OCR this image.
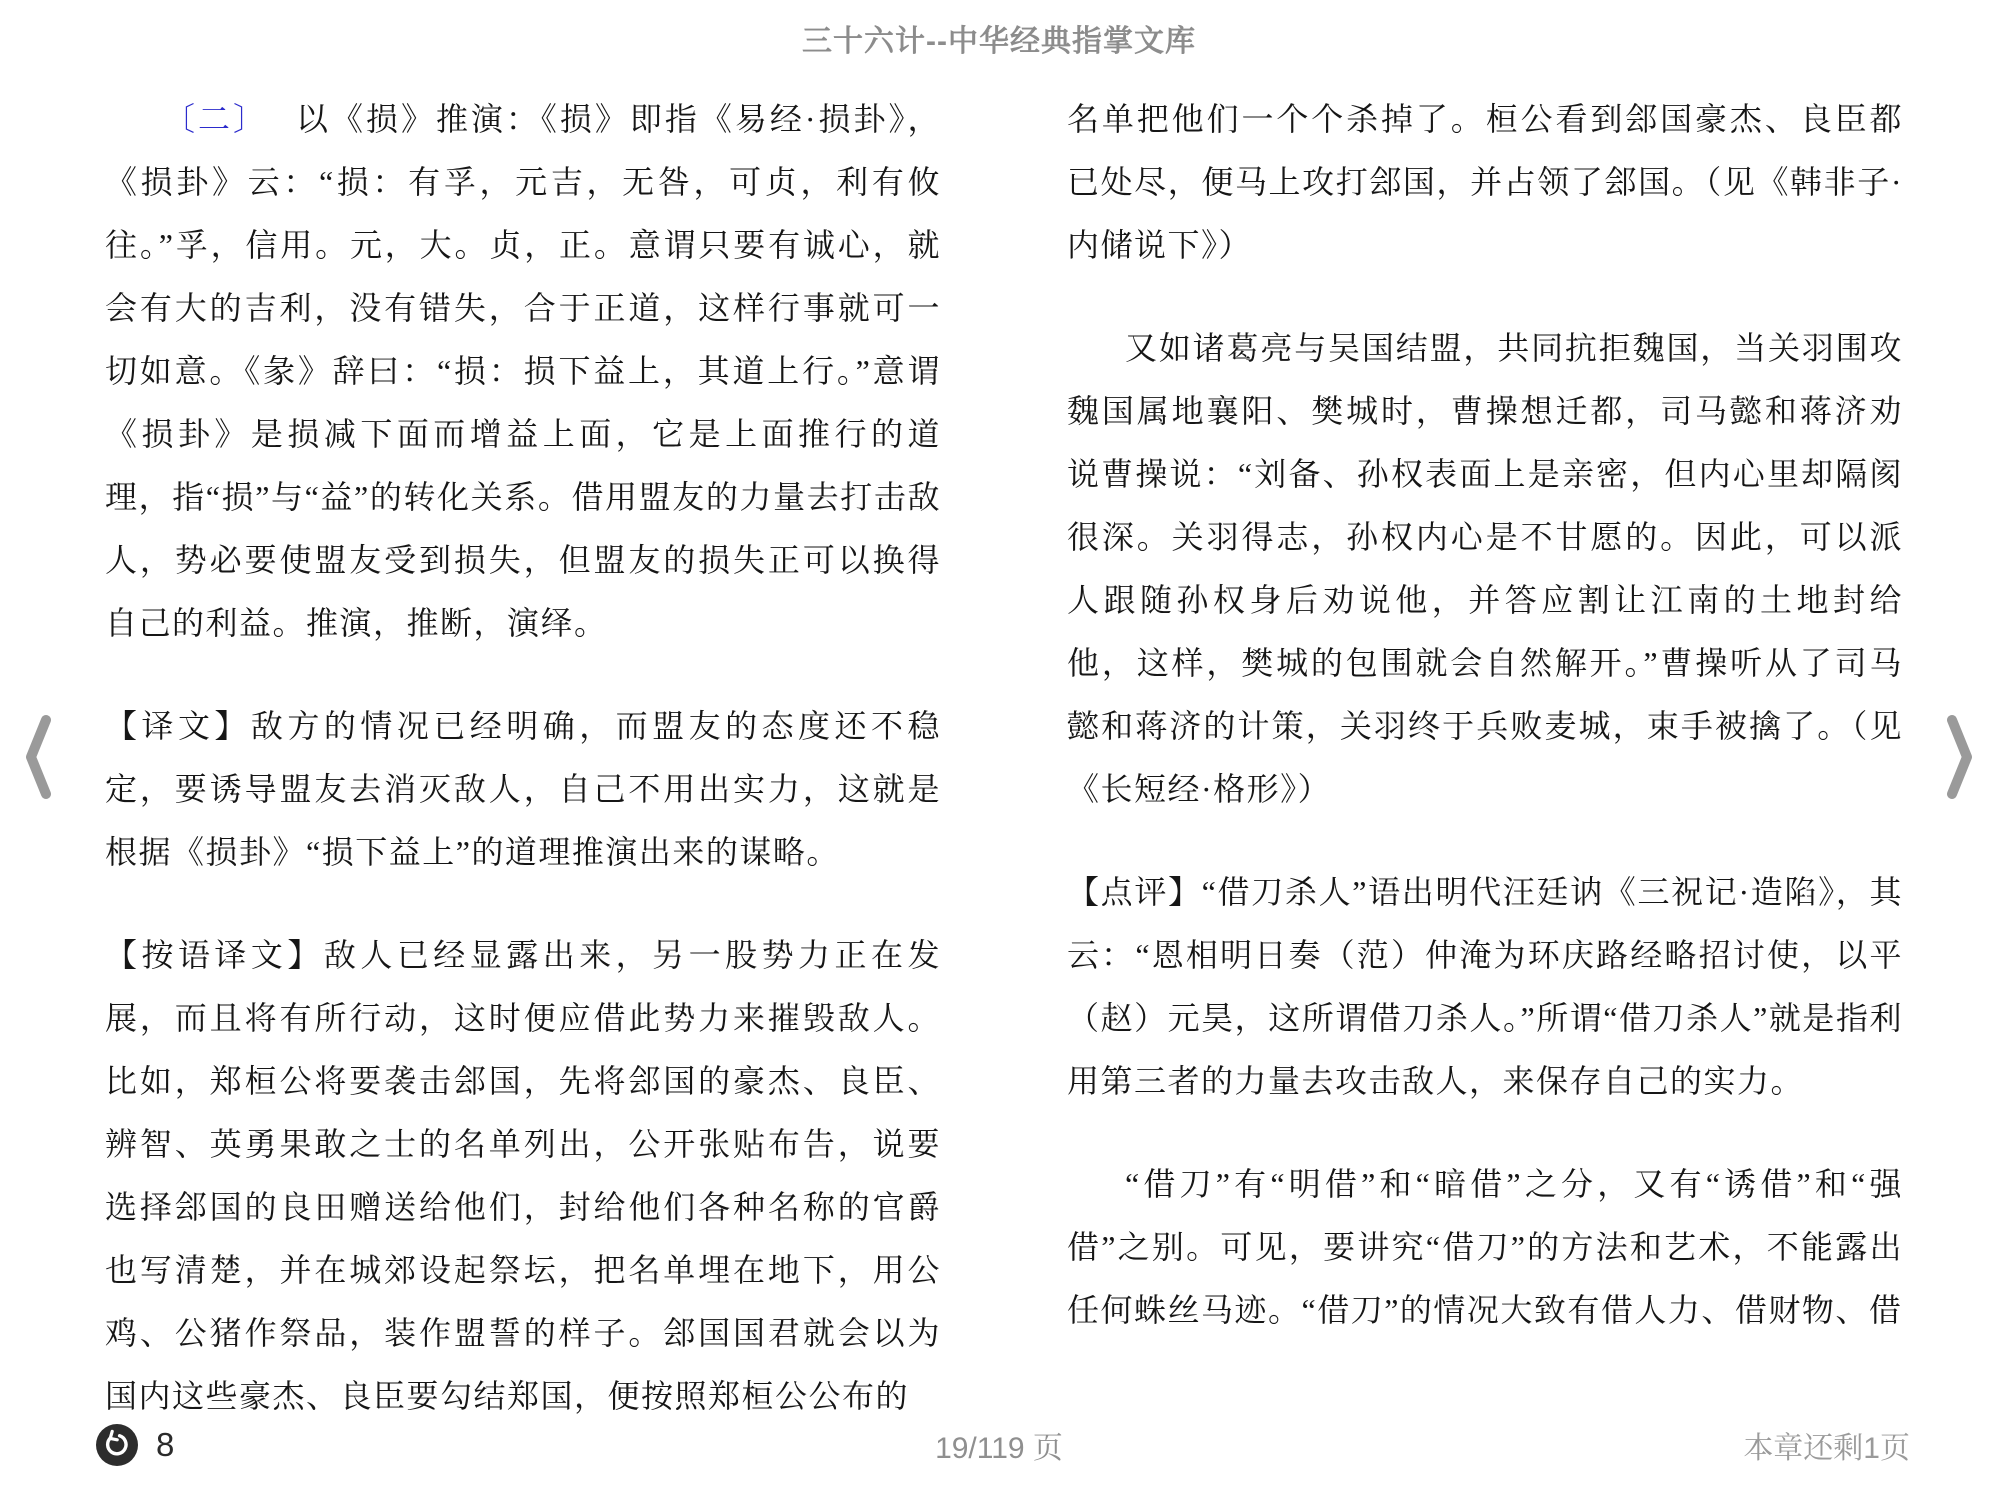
三十六计--中华经典指掌文库

〔二〕 以《损》推演：《损》即指《易经·损卦》，《损卦》云：“损：有孚，元吉，无咎，可贞，利有攸往。”孚，信用。元，大。贞，正。意谓只要有诚心，就会有大的吉利，没有错失，合于正道，这样行事就可一切如意。《彖》辞曰：“损：损下益上，其道上行。”意谓《损卦》是损减下面而增益上面，它是上面推行的道理，指“损”与“益”的转化关系。借用盟友的力量去打击敌人，势必要使盟友受到损失，但盟友的损失正可以换得自己的利益。推演，推断，演绎。

【译文】敌方的情况已经明确，而盟友的态度还不稳定，要诱导盟友去消灭敌人，自己不用出实力，这就是根据《损卦》“损下益上”的道理推演出来的谋略。

【按语译文】敌人已经显露出来，另一股势力正在发展，而且将有所行动，这时便应借此势力来摧毁敌人。比如，郑桓公将要袭击郐国，先将郐国的豪杰、良臣、辨智、英勇果敢之士的名单列出，公开张贴布告，说要选择郐国的良田赠送给他们，封给他们各种名称的官爵也写清楚，并在城郊设起祭坛，把名单埋在地下，用公鸡、公猪作祭品，装作盟誓的样子。郐国国君就会以为国内这些豪杰、良臣要勾结郑国，便按照郑桓公公布的

名单把他们一个个杀掉了。桓公看到郐国豪杰、良臣都已处尽，便马上攻打郐国，并占领了郐国。（见《韩非子·内储说下》）

又如诸葛亮与吴国结盟，共同抗拒魏国，当关羽围攻魏国属地襄阳、樊城时，曹操想迁都，司马懿和蒋济劝说曹操说：“刘备、孙权表面上是亲密，但内心里却隔阂很深。关羽得志，孙权内心是不甘愿的。因此，可以派人跟随孙权身后劝说他，并答应割让江南的土地封给他，这样，樊城的包围就会自然解开。”曹操听从了司马懿和蒋济的计策，关羽终于兵败麦城，束手被擒了。（见《长短经·格形》）

【点评】“借刀杀人”语出明代汪廷讷《三祝记·造陷》，其云：“恩相明日奏（范）仲淹为环庆路经略招讨使，以平（赵）元昊，这所谓借刀杀人。”所谓“借刀杀人”就是指利用第三者的力量去攻击敌人，来保存自己的实力。

“借刀”有“明借”和“暗借”之分，又有“诱借”和“强借”之别。可见，要讲究“借刀”的方法和艺术，不能露出任何蛛丝马迹。“借刀”的情况大致有借人力、借财物、借

8	19/119 页	本章还剩1页
